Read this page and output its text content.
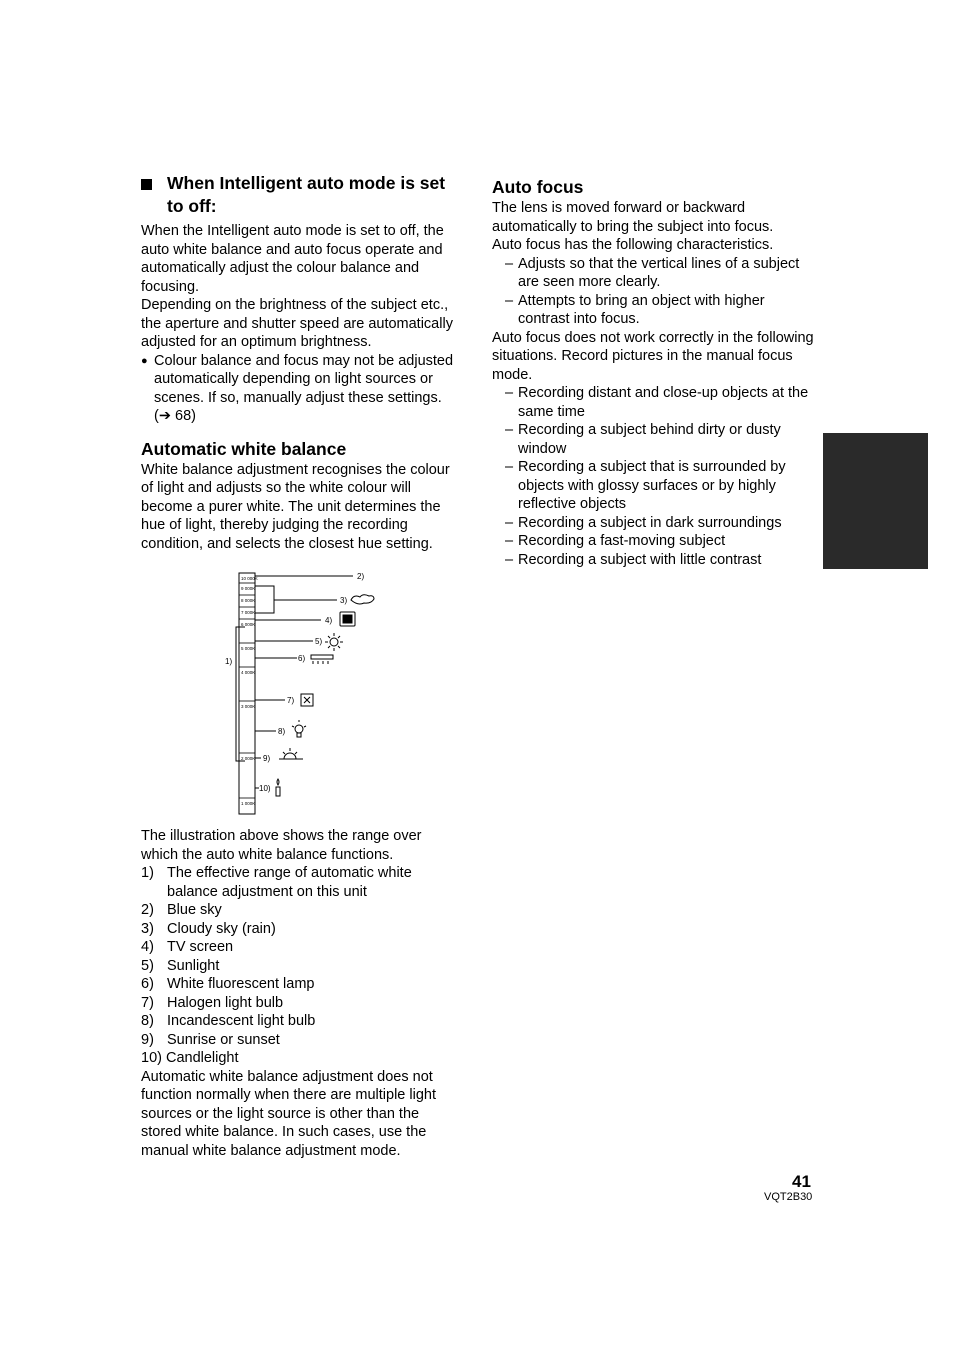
When Intelligent auto mode is set to off:

When the Intelligent auto mode is set to off, the auto white balance and auto focus operate and automatically adjust the colour balance and focusing.

Depending on the brightness of the subject etc., the aperture and shutter speed are automatically adjusted for an optimum brightness.

● Colour balance and focus may not be adjusted automatically depending on light sources or scenes. If so, manually adjust these settings. (➔ 68)
Automatic white balance

White balance adjustment recognises the colour of light and adjusts so the white colour will become a purer white. The unit determines the hue of light, thereby judging the recording condition, and selects the closest hue setting.

10 000K
9 000K
8 000K
7 000K
6 000K
5 000K
4 000K
3 000K
2 000K
1 000K
1)
2)
3)
4)
5)
6)
7)
8)
9)
10)

The illustration above shows the range over which the auto white balance functions.

1) The effective range of automatic white balance adjustment on this unit
2) Blue sky
3) Cloudy sky (rain)
4) TV screen
5) Sunlight
6) White fluorescent lamp
7) Halogen light bulb
8) Incandescent light bulb
9) Sunrise or sunset
10) Candlelight

Automatic white balance adjustment does not function normally when there are multiple light sources or the light source is other than the stored white balance. In such cases, use the manual white balance adjustment mode.

Auto focus

The lens is moved forward or backward automatically to bring the subject into focus.

Auto focus has the following characteristics.

– Adjusts so that the vertical lines of a subject are seen more clearly.
– Attempts to bring an object with higher contrast into focus.

Auto focus does not work correctly in the following situations. Record pictures in the manual focus mode.

– Recording distant and close-up objects at the same time
– Recording a subject behind dirty or dusty window
– Recording a subject that is surrounded by objects with glossy surfaces or by highly reflective objects
– Recording a subject in dark surroundings
– Recording a fast-moving subject
– Recording a subject with little contrast
41
VQT2B30
